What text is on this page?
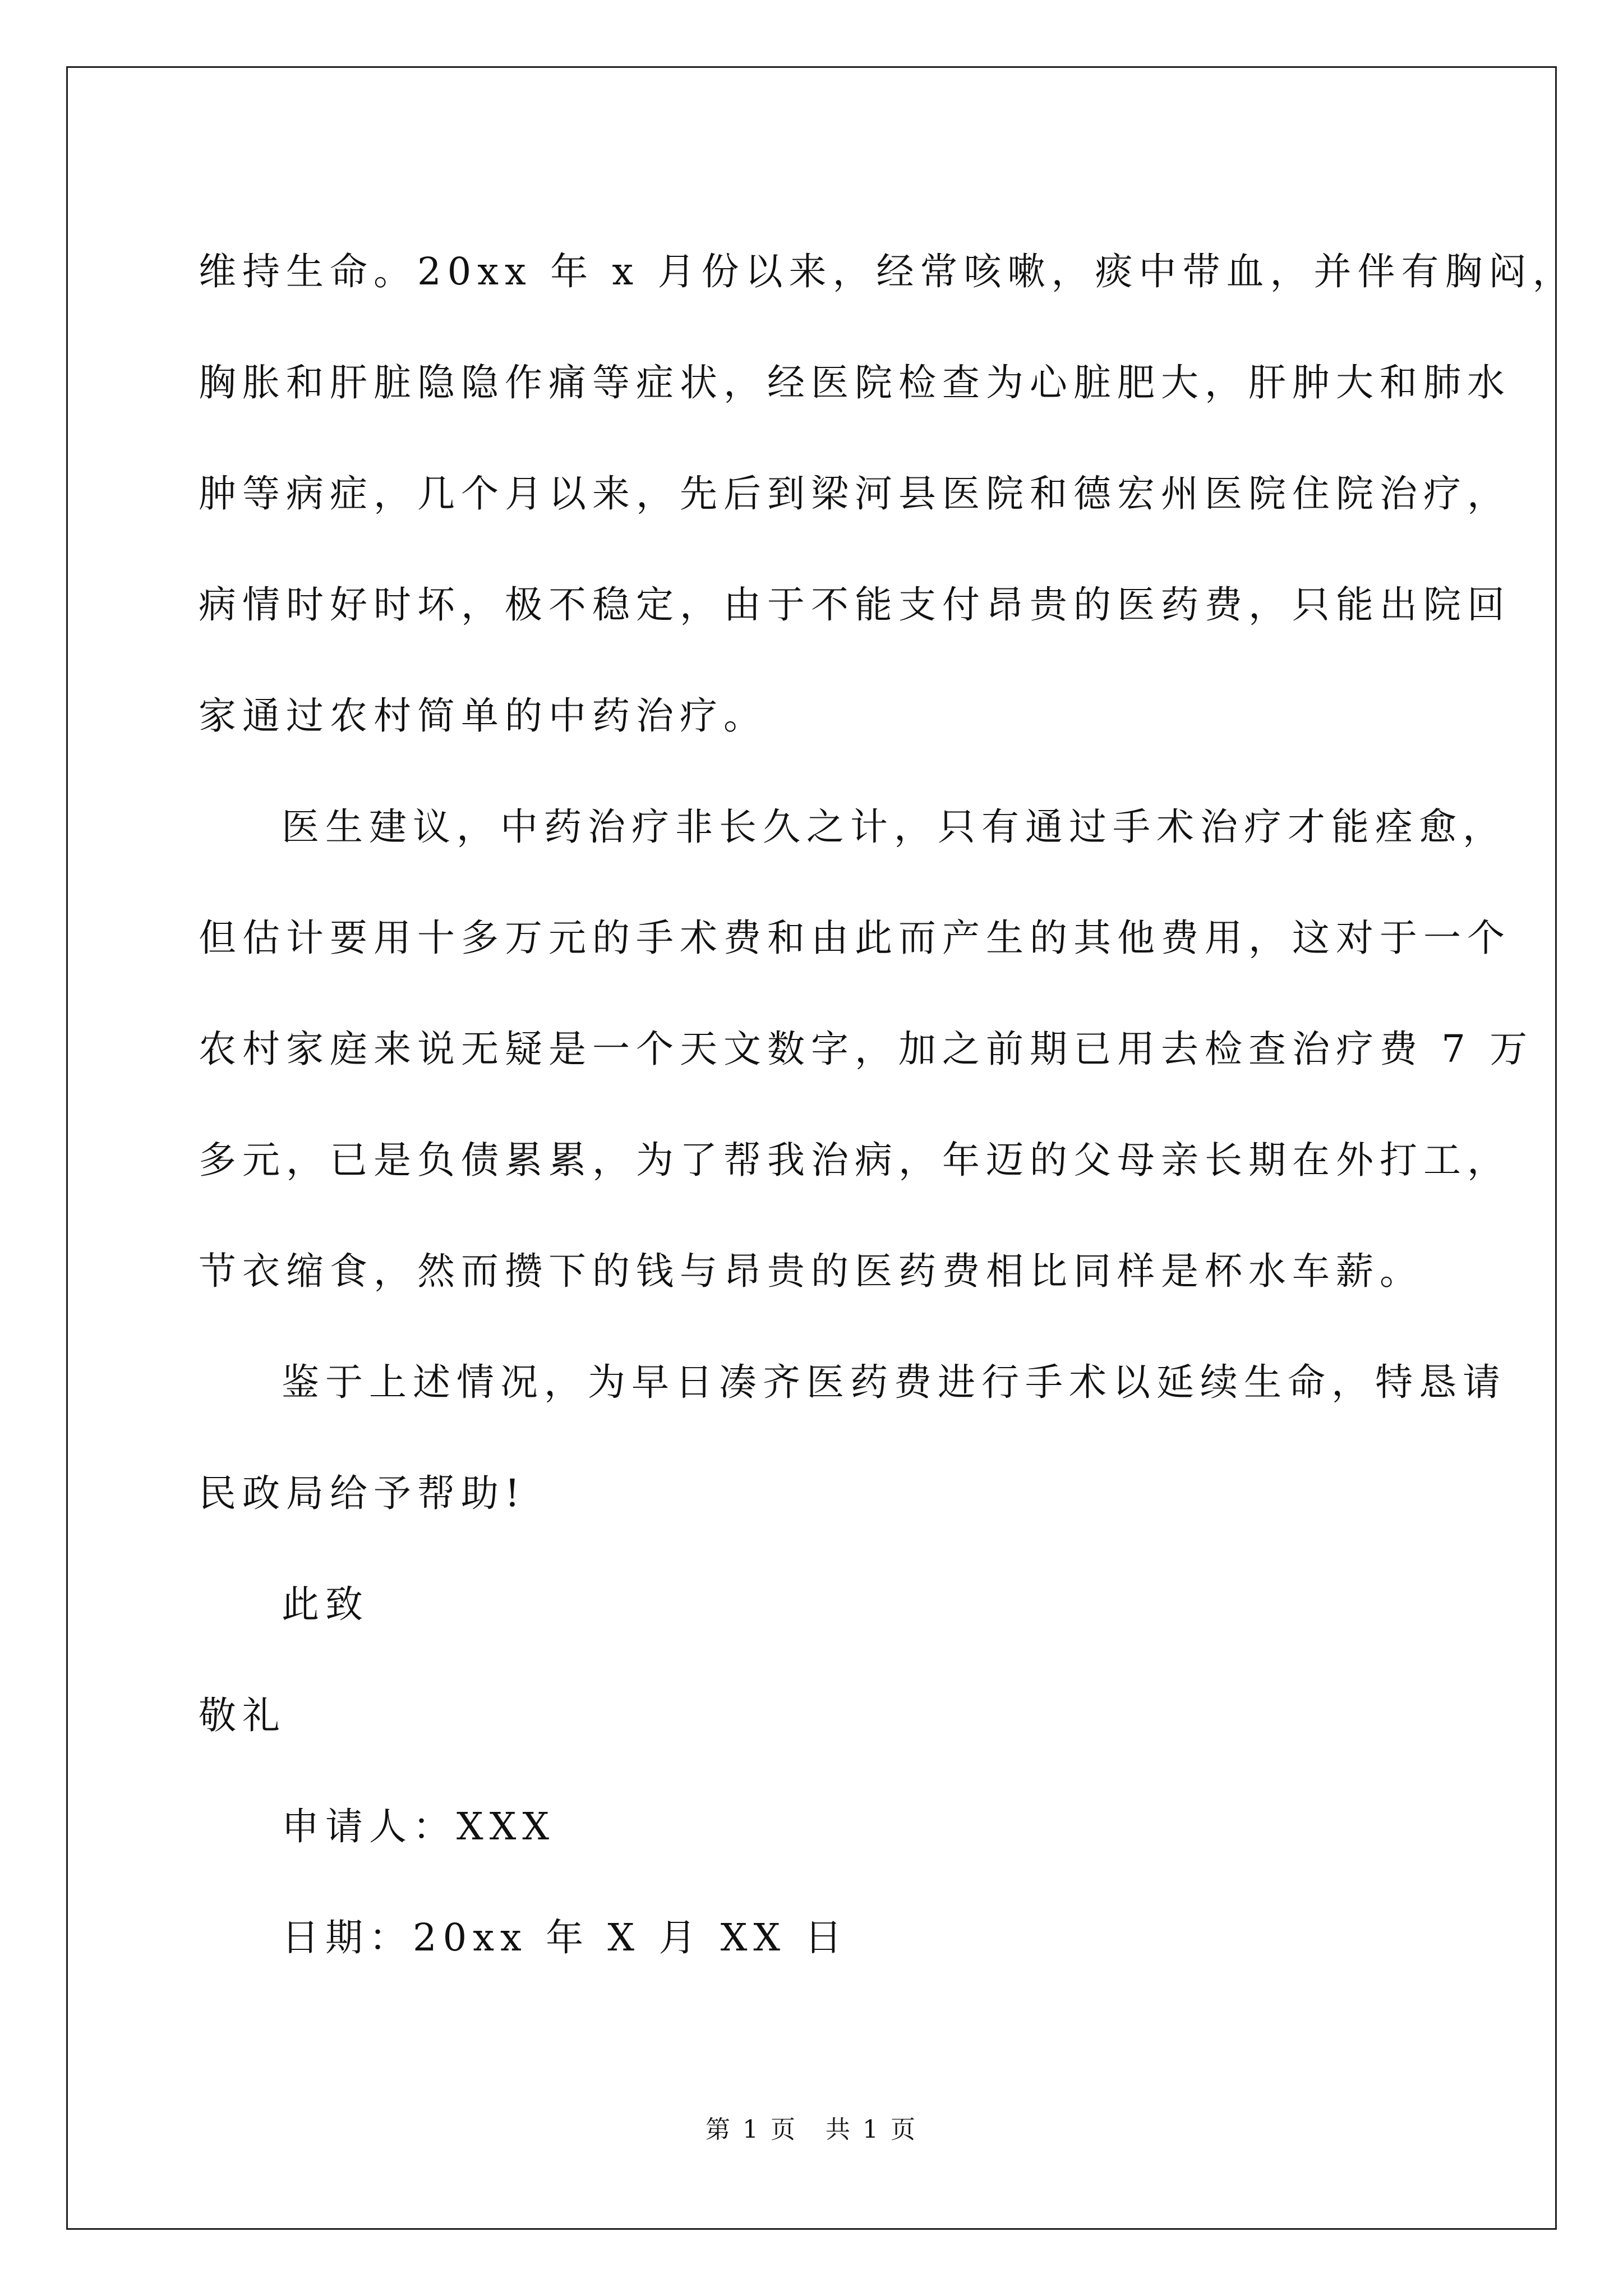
维持生命。20xx 年 x 月份以来，经常咳嗽，痰中带血，并伴有胸闷，
胸胀和肝脏隐隐作痛等症状，经医院检查为心脏肥大，肝肿大和肺水
肿等病症，几个月以来，先后到梁河县医院和德宏州医院住院治疗，
病情时好时坏，极不稳定，由于不能支付昂贵的医药费，只能出院回
家通过农村简单的中药治疗。
医生建议，中药治疗非长久之计，只有通过手术治疗才能痊愈，
但估计要用十多万元的手术费和由此而产生的其他费用，这对于一个
农村家庭来说无疑是一个天文数字，加之前期已用去检查治疗费 7 万
多元，已是负债累累，为了帮我治病，年迈的父母亲长期在外打工，
节衣缩食，然而攒下的钱与昂贵的医药费相比同样是杯水车薪。
鉴于上述情况，为早日凑齐医药费进行手术以延续生命，特恳请
民政局给予帮助!
此致
敬礼
申请人：XXX
日期：20xx 年 X 月 XX 日
第 1 页 共 1 页
